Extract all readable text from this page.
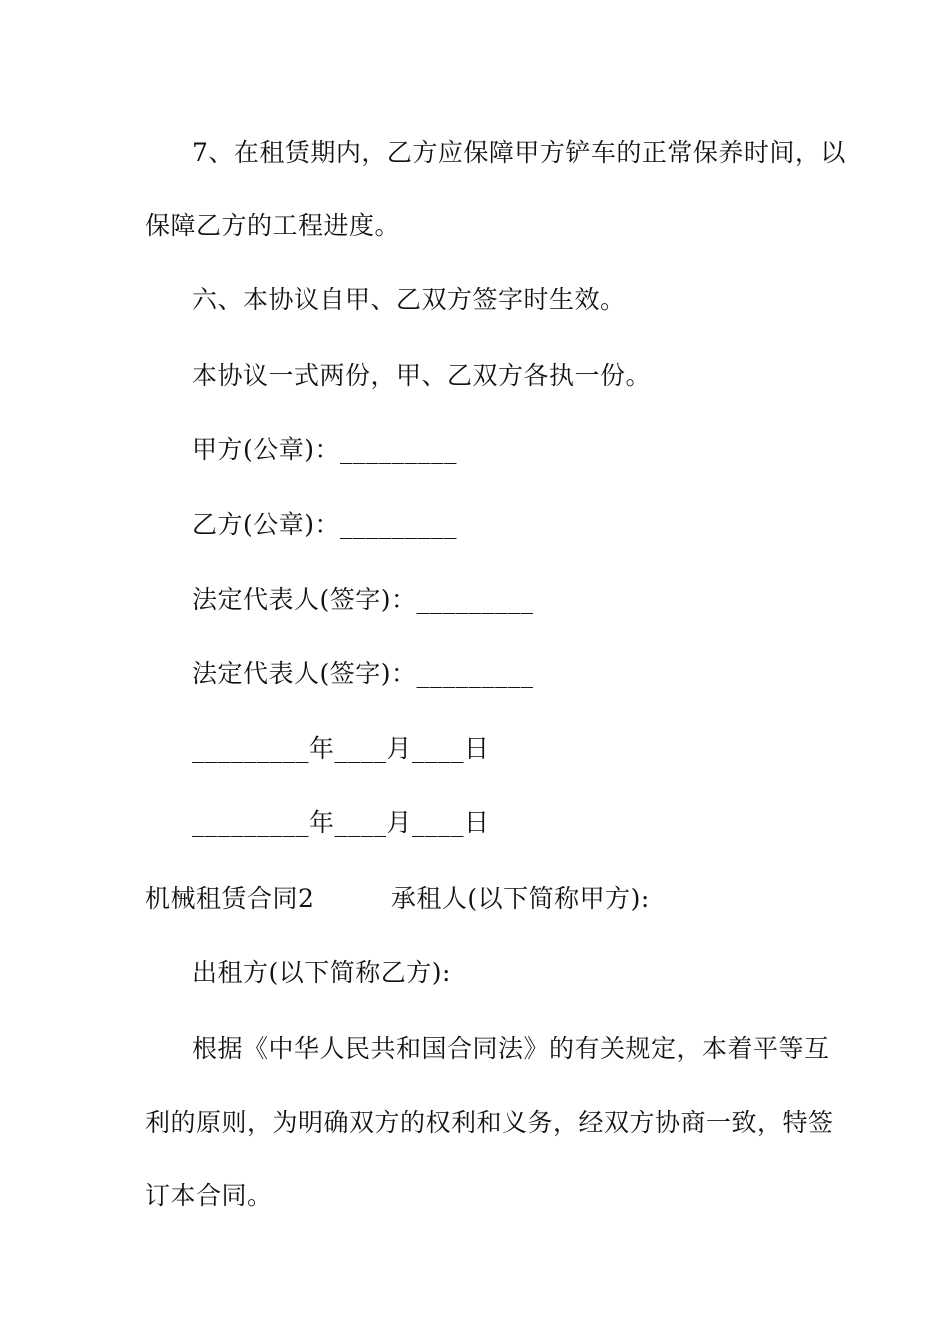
7、在租赁期内，乙方应保障甲方铲车的正常保养时间，以
保障乙方的工程进度。
六、本协议自甲、乙双方签字时生效。
本协议一式两份，甲、乙双方各执一份。
甲方(公章)：_________
乙方(公章)：_________
法定代表人(签字)：_________
法定代表人(签字)：_________
_________年____月____日
_________年____月____日
机械租赁合同2　　　承租人(以下简称甲方):
出租方(以下简称乙方):
根据《中华人民共和国合同法》的有关规定，本着平等互
利的原则，为明确双方的权利和义务，经双方协商一致，特签
订本合同。
